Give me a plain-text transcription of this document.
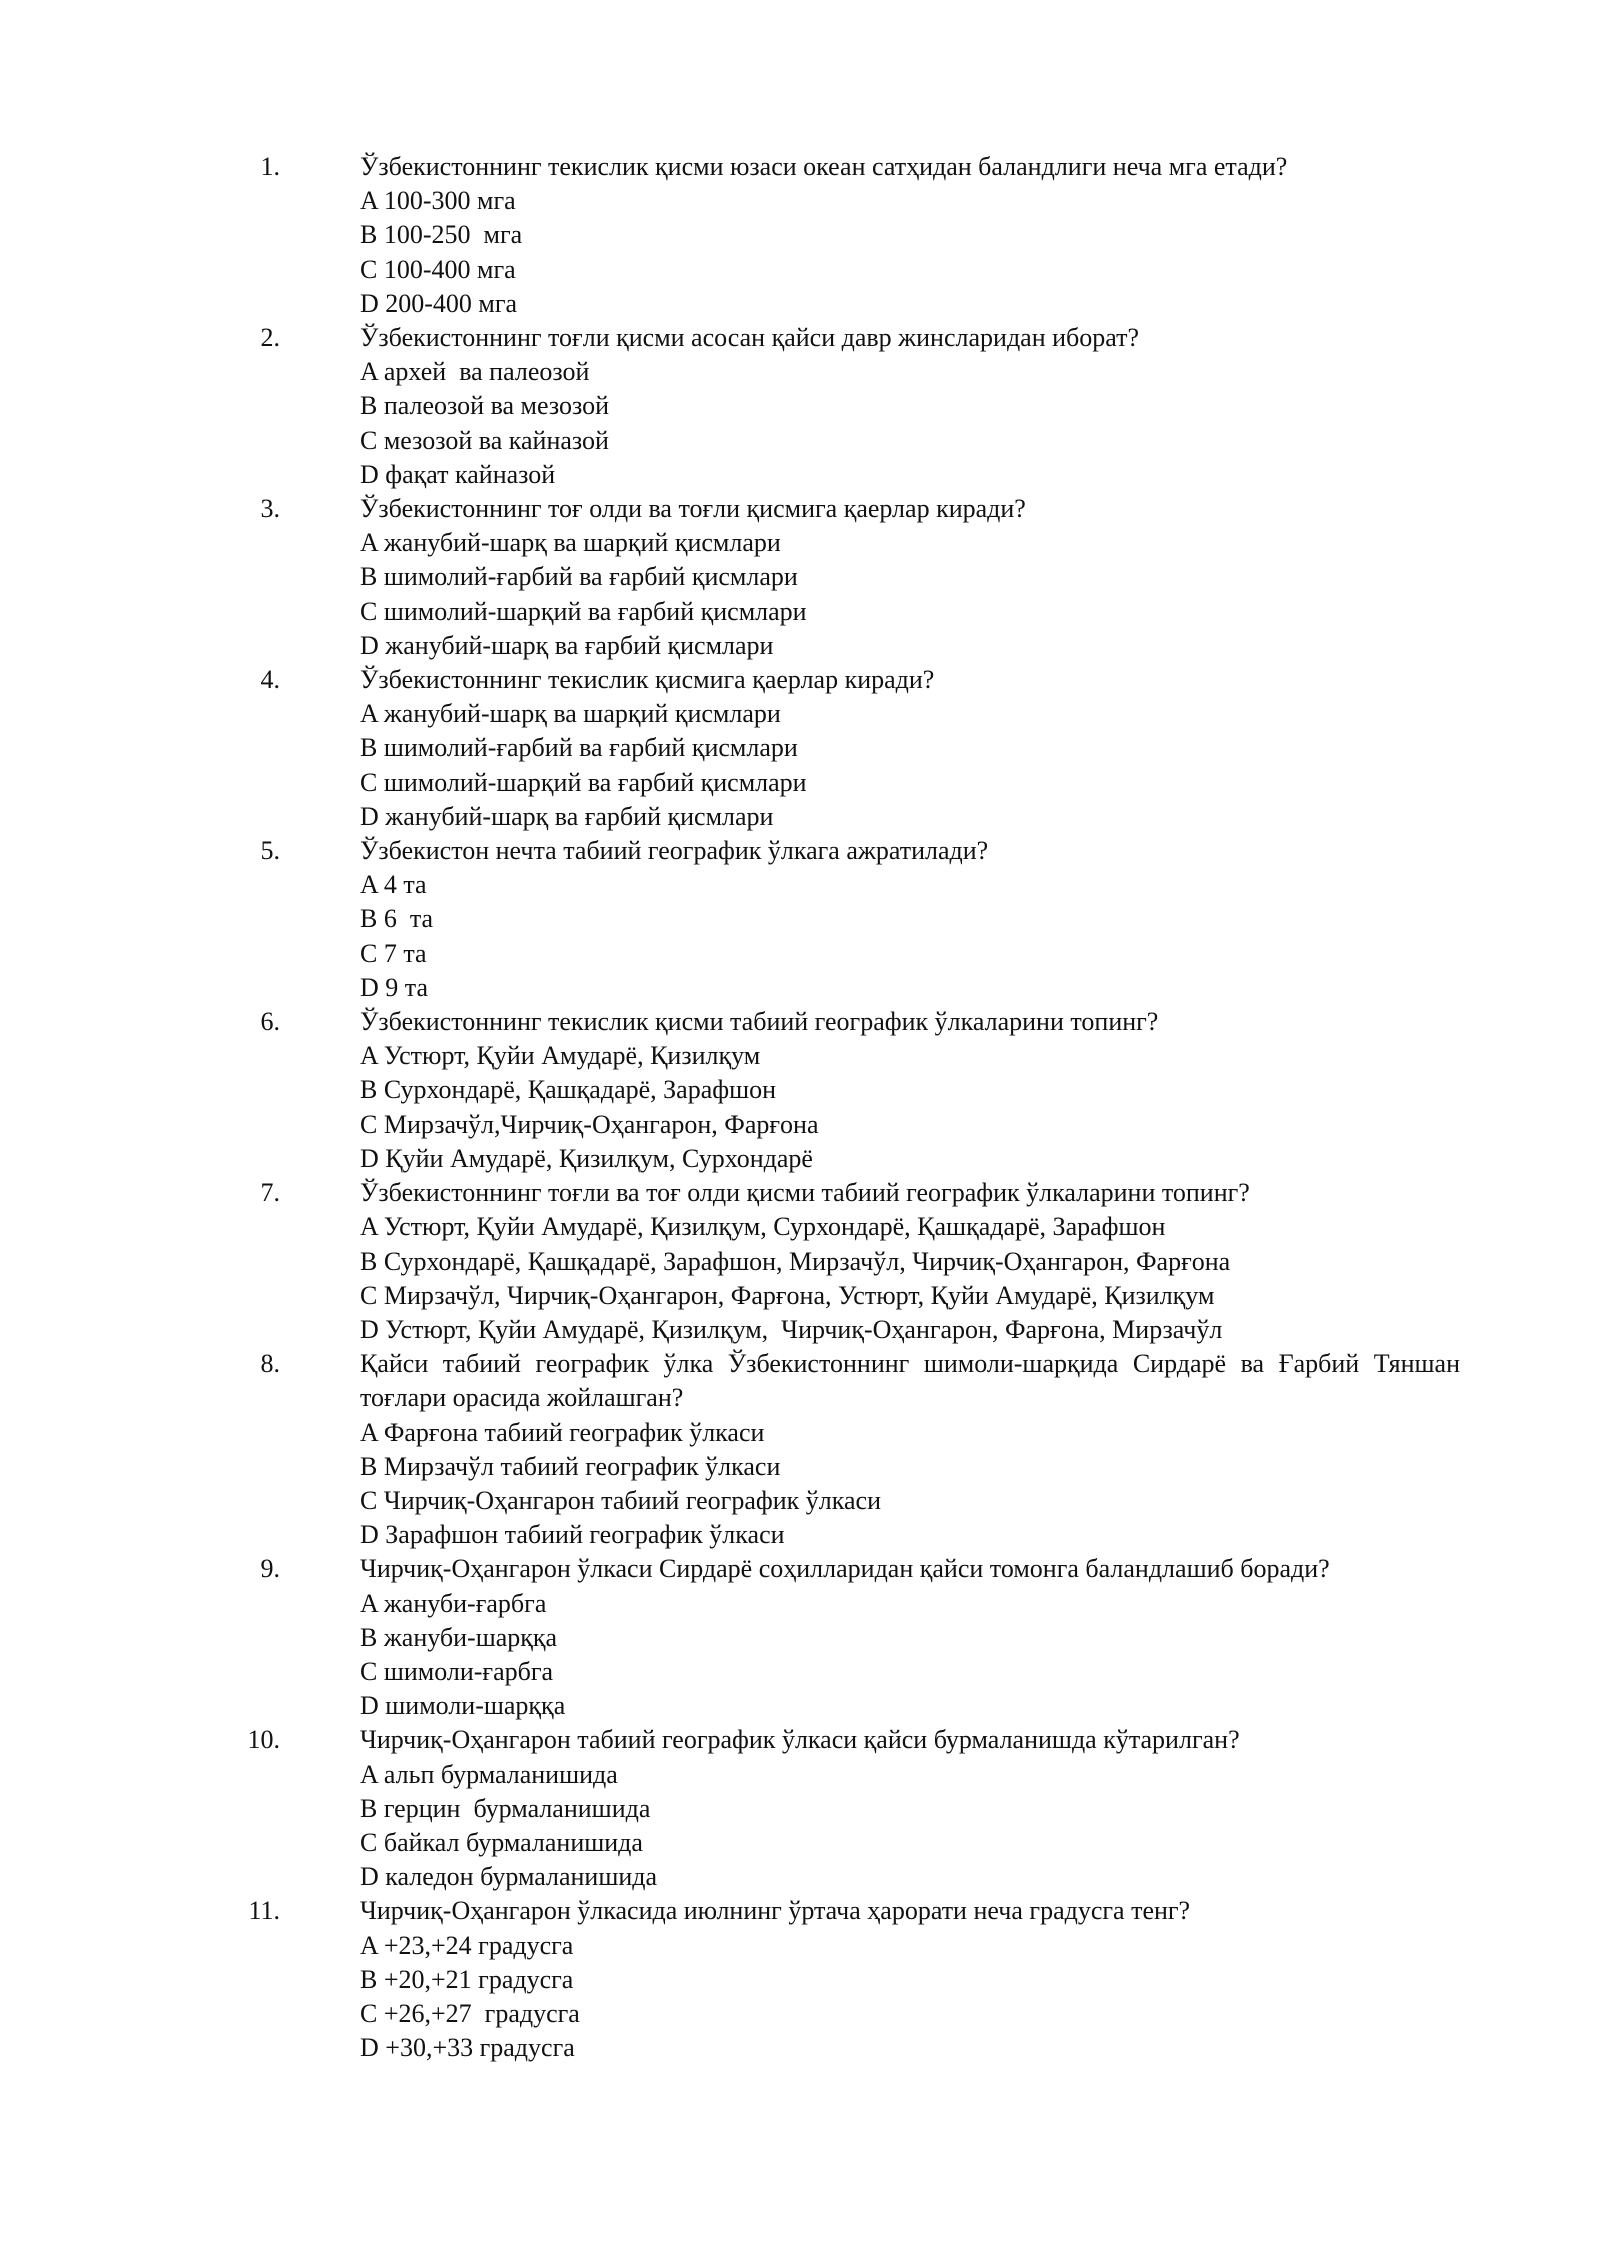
1.	Ўзбекистоннинг текислик қисми юзаси океан сатҳидан баландлиги неча мга етади?
A 100-300 мга
B 100-250  мга
C 100-400 мга
D 200-400 мга
2.	Ўзбекистоннинг тоғли қисми асосан қайси давр жинсларидан иборат?
A архей  ва палеозой
B палеозой ва мезозой
C мезозой ва кайназой
D фақат кайназой
3.	Ўзбекистоннинг тоғ олди ва тоғли қисмига қаерлар киради?
A жанубий-шарқ ва шарқий қисмлари
B шимолий-ғарбий ва ғарбий қисмлари
C шимолий-шарқий ва ғарбий қисмлари
D жанубий-шарқ ва ғарбий қисмлари
4.	Ўзбекистоннинг текислик қисмига қаерлар киради?
A жанубий-шарқ ва шарқий қисмлари
B шимолий-ғарбий ва ғарбий қисмлари
C шимолий-шарқий ва ғарбий қисмлари
D жанубий-шарқ ва ғарбий қисмлари
5.	Ўзбекистон нечта табиий географик ўлкага ажратилади?
A 4 та
B 6  та
C 7 та
D 9 та
6.	Ўзбекистоннинг текислик қисми табиий географик ўлкаларини топинг?
A Устюрт, Қуйи Амударё, Қизилқум
B Сурхондарё, Қашқадарё, Зарафшон
C Мирзачўл,Чирчиқ-Оҳангарон, Фарғона
D Қуйи Амударё, Қизилқум, Сурхондарё
7.	Ўзбекистоннинг тоғли ва тоғ олди қисми табиий географик ўлкаларини топинг?
A Устюрт, Қуйи Амударё, Қизилқум, Сурхондарё, Қашқадарё, Зарафшон
B Сурхондарё, Қашқадарё, Зарафшон, Мирзачўл, Чирчиқ-Оҳангарон, Фарғона
C Мирзачўл, Чирчиқ-Оҳангарон, Фарғона, Устюрт, Қуйи Амударё, Қизилқум
D Устюрт, Қуйи Амударё, Қизилқум,  Чирчиқ-Оҳангарон, Фарғона, Мирзачўл
8.	Қайси табиий географик ўлка Ўзбекистоннинг шимоли-шарқида Сирдарё ва Ғарбий Тяншан тоғлари орасида жойлашган?
A Фарғона табиий географик ўлкаси
B Мирзачўл табиий географик ўлкаси
C Чирчиқ-Оҳангарон табиий географик ўлкаси
D Зарафшон табиий географик ўлкаси
9.	Чирчиқ-Оҳангарон ўлкаси Сирдарё соҳилларидан қайси томонга баландлашиб боради?
A жануби-ғарбга
B жануби-шарққа
C шимоли-ғарбга
D шимоли-шарққа
10.	Чирчиқ-Оҳангарон табиий географик ўлкаси қайси бурмаланишда кўтарилган?
A альп бурмаланишида
B герцин  бурмаланишида
C байкал бурмаланишида
D каледон бурмаланишида
11.	Чирчиқ-Оҳангарон ўлкасида июлнинг ўртача ҳарорати неча градусга тенг?
A +23,+24 градусга
B +20,+21 градусга
C +26,+27  градусга
D +30,+33 градусга
